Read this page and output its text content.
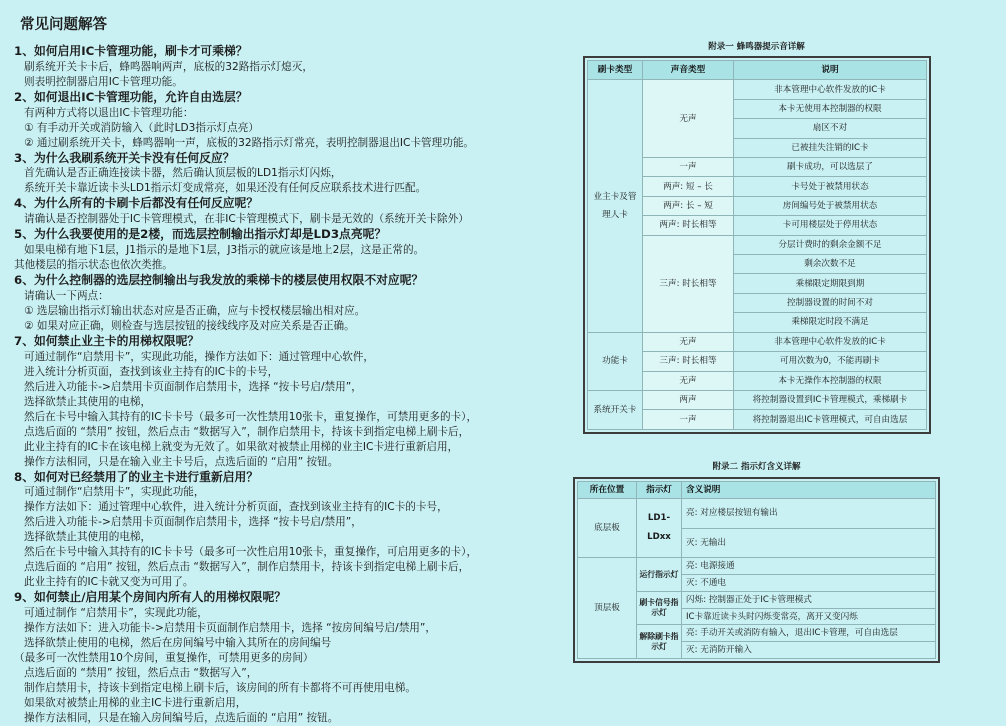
常见问题解答
1、如何启用IC卡管理功能，刷卡才可乘梯？
刷系统开关卡卡后，蜂鸣器响两声，底板的32路指示灯熄灭，
则表明控制器启用IC卡管理功能。
2、如何退出IC卡管理功能，允许自由选层？
有两种方式将以退出IC卡管理功能：
① 有手动开关或消防输入（此时LD3指示灯点亮）
② 通过刷系统开关卡，蜂鸣器响一声，底板的32路指示灯常亮，表明控制器退出IC卡管理功能。
3、为什么我刷系统开关卡没有任何反应？
首先确认是否正确连接读卡器，然后确认顶层板的LD1指示灯闪烁，
系统开关卡靠近读卡头LD1指示灯变成常亮，如果还没有任何反应联系技术进行匹配。
4、为什么所有的卡刷卡后都没有任何反应呢？
请确认是否控制器处于IC卡管理模式，在非IC卡管理模式下，刷卡是无效的（系统开关卡除外）
5、为什么我要使用的是2楼，而选层控制输出指示灯却是LD3点亮呢？
如果电梯有地下1层，J1指示的是地下1层，J3指示的就应该是地上2层，这是正常的。
其他楼层的指示状态也依次类推。
6、为什么控制器的选层控制输出与我发放的乘梯卡的楼层使用权限不对应呢？
请确认一下两点：
① 选层输出指示灯输出状态对应是否正确，应与卡授权楼层输出相对应。
② 如果对应正确，则检查与选层按钮的接线线序及对应关系是否正确。
7、如何禁止业主卡的用梯权限呢？
可通过制作“启禁用卡”，实现此功能，操作方法如下：通过管理中心软件，
进入统计分析页面，查找到该业主持有的IC卡的卡号，
然后进入功能卡->启禁用卡页面制作启禁用卡，选择 “按卡号启/禁用”，
选择欲禁止其使用的电梯，
然后在卡号中输入其持有的IC卡卡号（最多可一次性禁用10张卡，重复操作，可禁用更多的卡），
点选后面的 “禁用” 按钮，然后点击 “数据写入”，制作启禁用卡，持该卡到指定电梯上刷卡后，
此业主持有的IC卡在该电梯上就变为无效了。如果欲对被禁止用梯的业主IC卡进行重新启用，
操作方法相同，只是在输入业主卡号后，点选后面的 “启用” 按钮。
8、如何对已经禁用了的业主卡进行重新启用？
可通过制作“启禁用卡”，实现此功能，
操作方法如下：通过管理中心软件，进入统计分析页面，查找到该业主持有的IC卡的卡号，
然后进入功能卡->启禁用卡页面制作启禁用卡，选择 “按卡号启/禁用”，
选择欲禁止其使用的电梯，
然后在卡号中输入其持有的IC卡卡号（最多可一次性启用10张卡，重复操作，可启用更多的卡），
点选后面的 “启用” 按钮，然后点击 “数据写入”，制作启禁用卡，持该卡到指定电梯上刷卡后，
此业主持有的IC卡就又变为可用了。
9、如何禁止/启用某个房间内所有人的用梯权限呢？
可通过制作 “启禁用卡”，实现此功能，
操作方法如下：进入功能卡->启禁用卡页面制作启禁用卡，选择 “按房间编号启/禁用”，
选择欲禁止使用的电梯，然后在房间编号中输入其所在的房间编号
（最多可一次性禁用10个房间，重复操作，可禁用更多的房间）
点选后面的 “禁用” 按钮，然后点击 “数据写入”，
制作启禁用卡，持该卡到指定电梯上刷卡后，该房间的所有卡都将不可再使用电梯。
如果欲对被禁止用梯的业主IC卡进行重新启用，
操作方法相同，只是在输入房间编号后，点选后面的 “启用” 按钮。
附录一 蜂鸣器提示音详解
刷卡类型	声音类型	说明
业主卡及管理人卡	无声	非本管理中心软件发放的IC卡
		本卡无使用本控制器的权限
		扇区不对
		已被挂失注销的IC卡
	一声	刷卡成功，可以选层了
	两声: 短 – 长	卡号处于被禁用状态
	两声: 长 – 短	房间编号处于被禁用状态
	两声: 时长相等	卡可用楼层处于停用状态
	三声: 时长相等	分层计费时的剩余金额不足
		剩余次数不足
		乘梯限定期限到期
		控制器设置的时间不对
		乘梯限定时段不满足
功能卡	无声	非本管理中心软件发放的IC卡
	三声: 时长相等	可用次数为0，不能再刷卡
	无声	本卡无操作本控制器的权限
系统开关卡	两声	将控制器设置到IC卡管理模式，乘梯刷卡
	一声	将控制器退出IC卡管理模式，可自由选层
附录二 指示灯含义详解
所在位置	指示灯	含义说明
底层板	LD1-LDxx	亮: 对应楼层按钮有输出
		灭: 无输出
顶层板	运行指示灯	亮: 电源接通
		灭: 不通电
	刷卡信号指示灯	闪烁: 控制器正处于IC卡管理模式
		IC卡靠近读卡头时闪烁变常亮，离开又变闪烁
	解除刷卡指示灯	亮: 手动开关或消防有输入，退出IC卡管理，可自由选层
		灭: 无消防开输入
